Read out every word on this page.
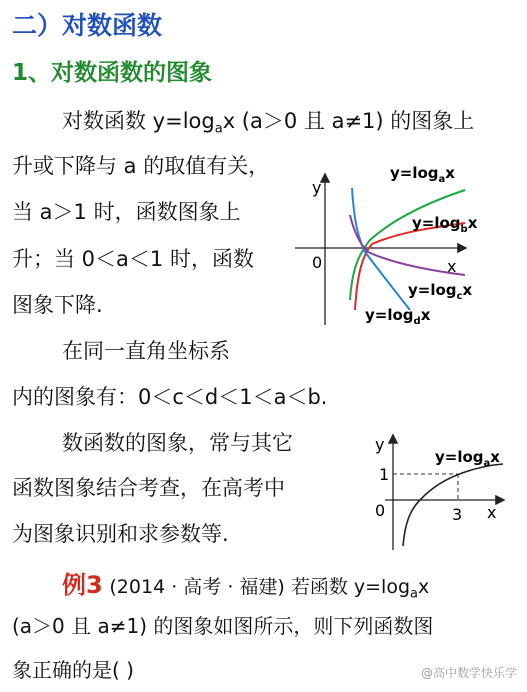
二）对数函数
1、对数函数的图象
对数函数 $y=\log_ax$ (a＞0 且 a≠1) 的图象上
升或下降与 a 的取值有关，
当 a＞1 时，函数图象上
升；当 0＜a＜1 时，函数
图象下降.
在同一直角坐标系
内的图象有：0＜c＜d＜1＜a＜b.
数函数的图象，常与其它
函数图象结合考查，在高考中
为图象识别和求参数等.
y
x
0
$y=\log_ax$
$y=\log_bx$
$y=\log_cx$
$y=\log_dx$
y
x
0
1
3
$y=\log_ax$
例3 (2014 · 高考 · 福建) 若函数 $y=\log_ax$
(a＞0 且 a≠1) 的图象如图所示，则下列函数图
象正确的是( )	@高中数学快乐学
